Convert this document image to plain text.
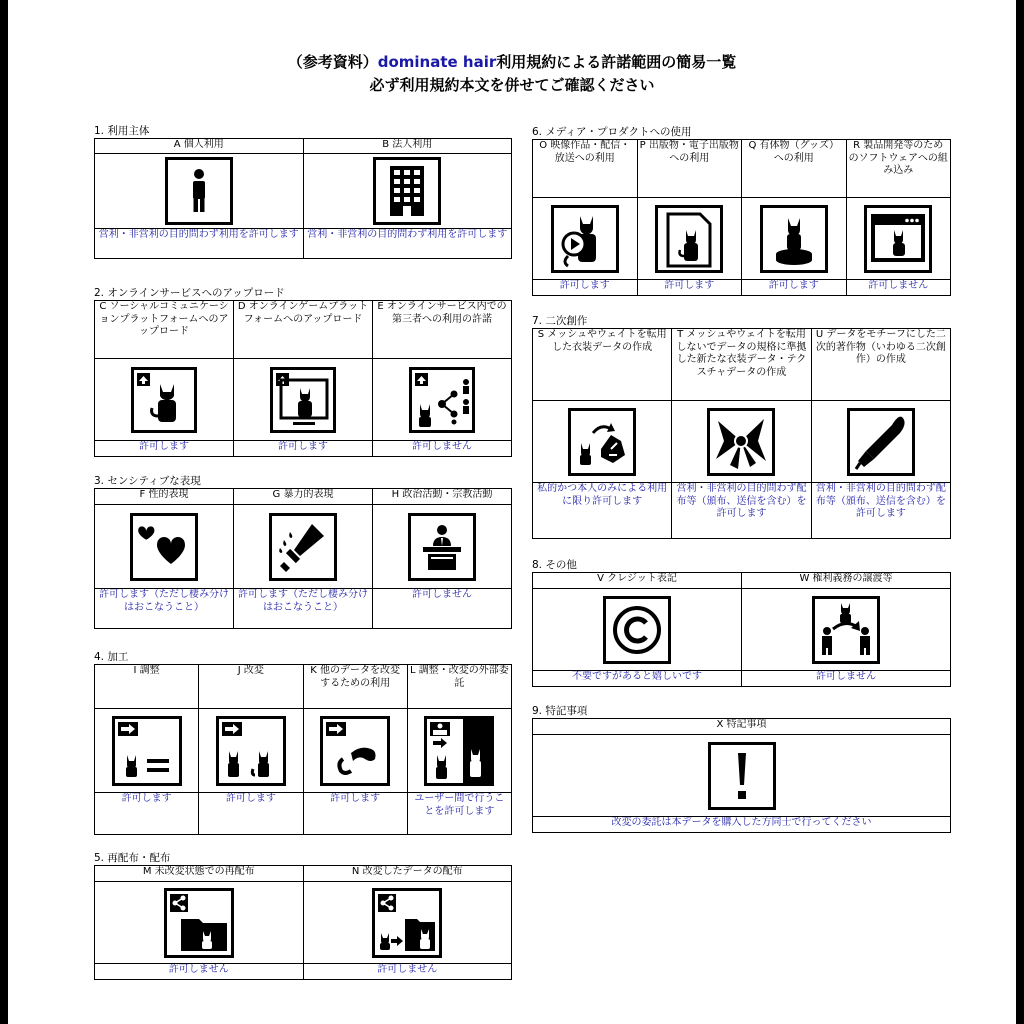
（参考資料）dominate hair利用規約による許諾範囲の簡易一覧
必ず利用規約本文を併せてご確認ください
1. 利用主体
A 個人利用	B 法人利用

営利・非営利の目的問わず利用を許可します	営利・非営利の目的問わず利用を許可します
2. オンラインサービスへのアップロード
C ソーシャルコミュニケーションプラットフォームへのアップロード	D オンラインゲームプラットフォームへのアップロード	E オンラインサービス内での第三者への利用の許諾

許可します	許可します	許可しません
3. センシティブな表現
F 性的表現	G 暴力的表現	H 政治活動・宗教活動

許可します（ただし棲み分けはおこなうこと）	許可します（ただし棲み分けはおこなうこと）	許可しません
4. 加工
I 調整	J 改変	K 他のデータを改変するための利用	L 調整・改変の外部委託

許可します	許可します	許可します	ユーザー間で行うことを許可します
5. 再配布・配布
M 未改変状態での再配布	N 改変したデータの配布

許可しません	許可しません
6. メディア・プロダクトへの使用
O 映像作品・配信・放送への利用	P 出版物・電子出版物への利用	Q 有体物（グッズ）への利用	R 製品開発等のためのソフトウェアへの組み込み

許可します	許可します	許可します	許可しません
7. 二次創作
S メッシュやウェイトを転用した衣装データの作成	T メッシュやウェイトを転用しないでデータの規格に準拠した新たな衣装データ・テクスチャデータの作成	U データをモチーフにした二次的著作物（いわゆる二次創作）の作成

私的かつ本人のみによる利用に限り許可します	営利・非営利の目的問わず配布等（頒布、送信を含む）を許可します	営利・非営利の目的問わず配布等（頒布、送信を含む）を許可します
8. その他
V クレジット表記	W 権利義務の譲渡等

不要ですがあると嬉しいです	許可しません
9. 特記事項
X 特記事項

改変の委託は本データを購入した方同士で行ってください
